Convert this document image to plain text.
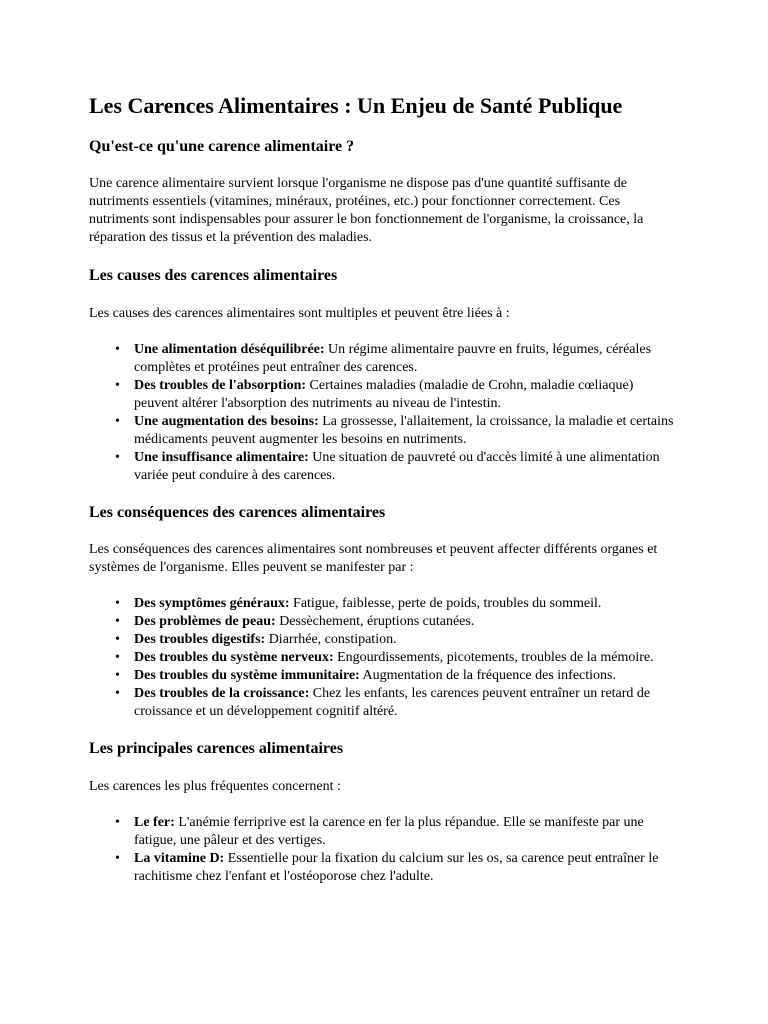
Les Carences Alimentaires : Un Enjeu de Santé Publique
Qu'est-ce qu'une carence alimentaire ?

Une carence alimentaire survient lorsque l'organisme ne dispose pas d'une quantité suffisante de nutriments essentiels (vitamines, minéraux, protéines, etc.) pour fonctionner correctement. Ces nutriments sont indispensables pour assurer le bon fonctionnement de l'organisme, la croissance, la réparation des tissus et la prévention des maladies.

Les causes des carences alimentaires

Les causes des carences alimentaires sont multiples et peuvent être liées à :

• Une alimentation déséquilibrée: Un régime alimentaire pauvre en fruits, légumes, céréales complètes et protéines peut entraîner des carences.
• Des troubles de l'absorption: Certaines maladies (maladie de Crohn, maladie cœliaque) peuvent altérer l'absorption des nutriments au niveau de l'intestin.
• Une augmentation des besoins: La grossesse, l'allaitement, la croissance, la maladie et certains médicaments peuvent augmenter les besoins en nutriments.
• Une insuffisance alimentaire: Une situation de pauvreté ou d'accès limité à une alimentation variée peut conduire à des carences.
Les conséquences des carences alimentaires

Les conséquences des carences alimentaires sont nombreuses et peuvent affecter différents organes et systèmes de l'organisme. Elles peuvent se manifester par :

• Des symptômes généraux: Fatigue, faiblesse, perte de poids, troubles du sommeil.
• Des problèmes de peau: Dessèchement, éruptions cutanées.
• Des troubles digestifs: Diarrhée, constipation.
• Des troubles du système nerveux: Engourdissements, picotements, troubles de la mémoire.
• Des troubles du système immunitaire: Augmentation de la fréquence des infections.
• Des troubles de la croissance: Chez les enfants, les carences peuvent entraîner un retard de croissance et un développement cognitif altéré.
Les principales carences alimentaires

Les carences les plus fréquentes concernent :

• Le fer: L'anémie ferriprive est la carence en fer la plus répandue. Elle se manifeste par une fatigue, une pâleur et des vertiges.
• La vitamine D: Essentielle pour la fixation du calcium sur les os, sa carence peut entraîner le rachitisme chez l'enfant et l'ostéoporose chez l'adulte.
